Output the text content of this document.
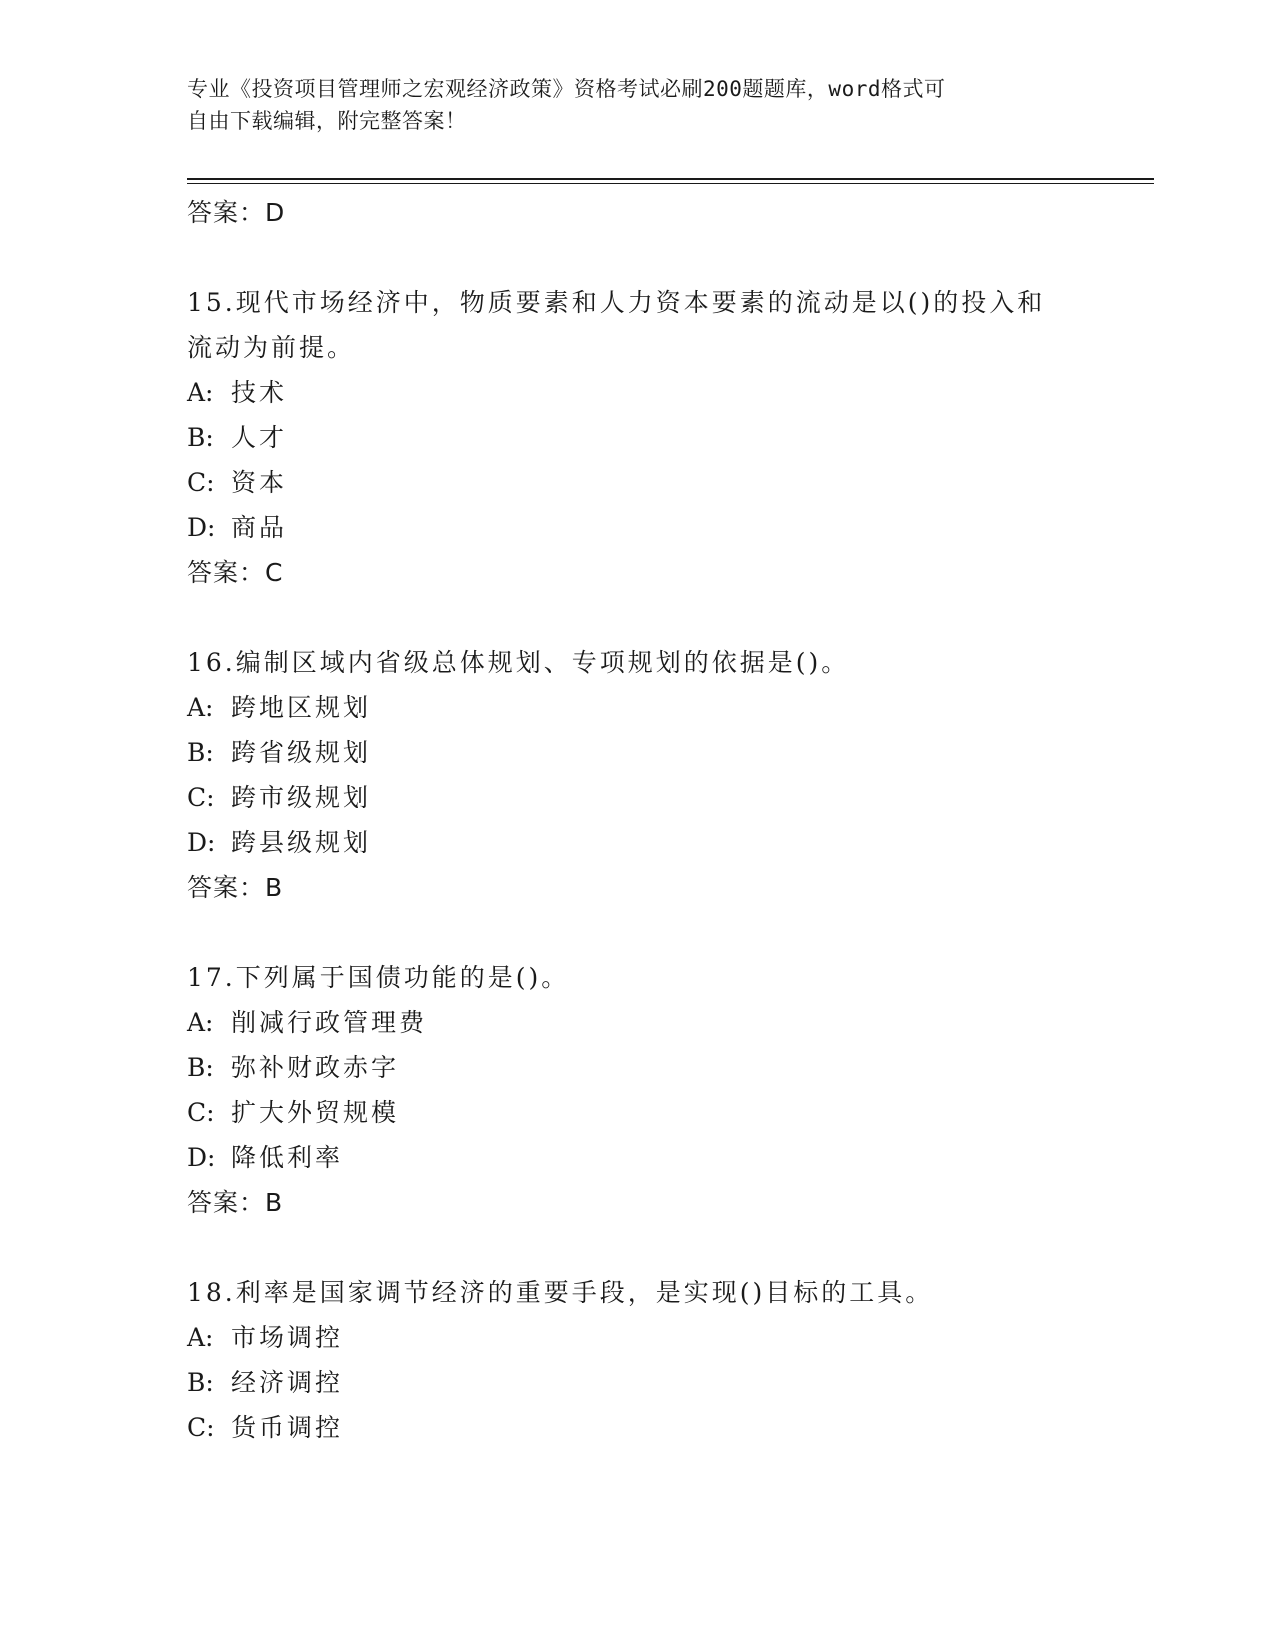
专业《投资项目管理师之宏观经济政策》资格考试必刷200题题库，word格式可
自由下载编辑，附完整答案！
答案：D
15.现代市场经济中，物质要素和人力资本要素的流动是以()的投入和
流动为前提。
A: 技术
B: 人才
C: 资本
D: 商品
答案：C
16.编制区域内省级总体规划、专项规划的依据是()。
A: 跨地区规划
B: 跨省级规划
C: 跨市级规划
D: 跨县级规划
答案：B
17.下列属于国债功能的是()。
A: 削减行政管理费
B: 弥补财政赤字
C: 扩大外贸规模
D: 降低利率
答案：B
18.利率是国家调节经济的重要手段，是实现()目标的工具。
A: 市场调控
B: 经济调控
C: 货币调控
